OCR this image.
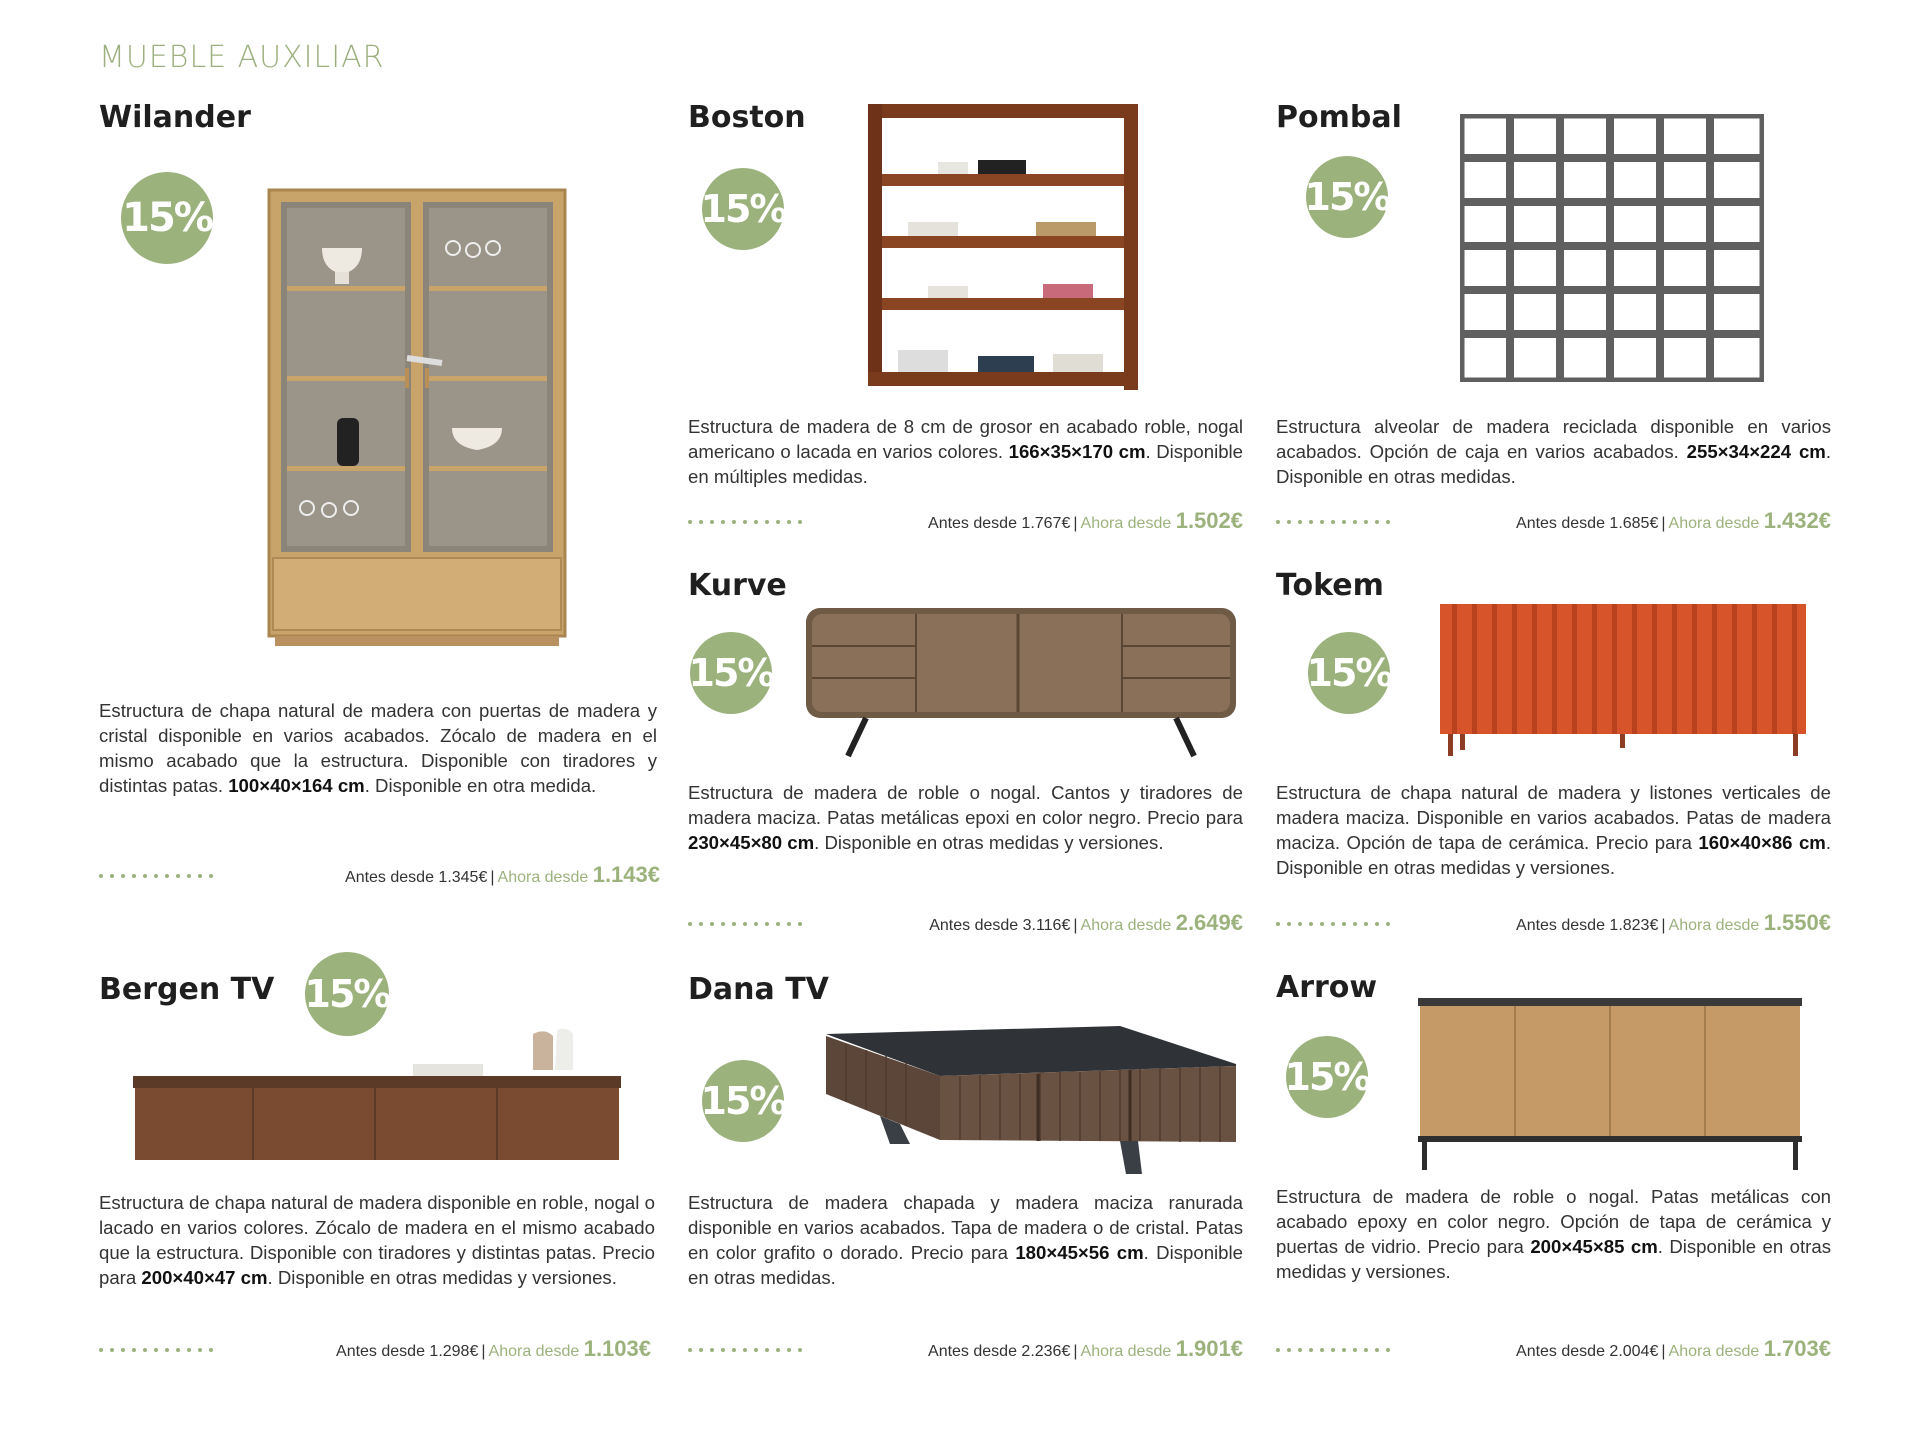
MUEBLE AUXILIAR
Wilander
15%
Estructura de chapa natural de madera con puertas de madera y cristal disponible en varios acabados. Zócalo de madera en el mismo acabado que la estructura. Disponible con tiradores y distintas patas. 100×40×164 cm. Disponible en otra medida.
Antes desde 1.345€ | Ahora desde 1.143€
Boston
15%
Estructura de madera de 8 cm de grosor en acabado roble, nogal americano o lacada en varios colores. 166×35×170 cm. Disponible en múltiples medidas.
Antes desde 1.767€ | Ahora desde 1.502€
Pombal
15%
Estructura alveolar de madera reciclada disponible en varios acabados. Opción de caja en varios acabados. 255×34×224 cm. Disponible en otras medidas.
Antes desde 1.685€ | Ahora desde 1.432€
Kurve
15%
Estructura de madera de roble o nogal. Cantos y tiradores de madera maciza. Patas metálicas epoxi en color negro. Precio para 230×45×80 cm. Disponible en otras medidas y versiones.
Antes desde 3.116€ | Ahora desde 2.649€
Tokem
15%
Estructura de chapa natural de madera y listones verticales de madera maciza. Disponible en varios acabados. Patas de madera maciza. Opción de tapa de cerámica. Precio para 160×40×86 cm. Disponible en otras medidas y versiones.
Antes desde 1.823€ | Ahora desde 1.550€
Bergen TV 15%
Estructura de chapa natural de madera disponible en roble, nogal o lacado en varios colores. Zócalo de madera en el mismo acabado que la estructura. Disponible con tiradores y distintas patas. Precio para 200×40×47 cm. Disponible en otras medidas y versiones.
Antes desde 1.298€ | Ahora desde 1.103€
Dana TV
15%
Estructura de madera chapada y madera maciza ranurada disponible en varios acabados. Tapa de madera o de cristal. Patas en color grafito o dorado. Precio para 180×45×56 cm. Disponible en otras medidas.
Antes desde 2.236€ | Ahora desde 1.901€
Arrow
15%
Estructura de madera de roble o nogal. Patas metálicas con acabado epoxy en color negro. Opción de tapa de cerámica y puertas de vidrio. Precio para 200×45×85 cm. Disponible en otras medidas y versiones.
Antes desde 2.004€ | Ahora desde 1.703€
